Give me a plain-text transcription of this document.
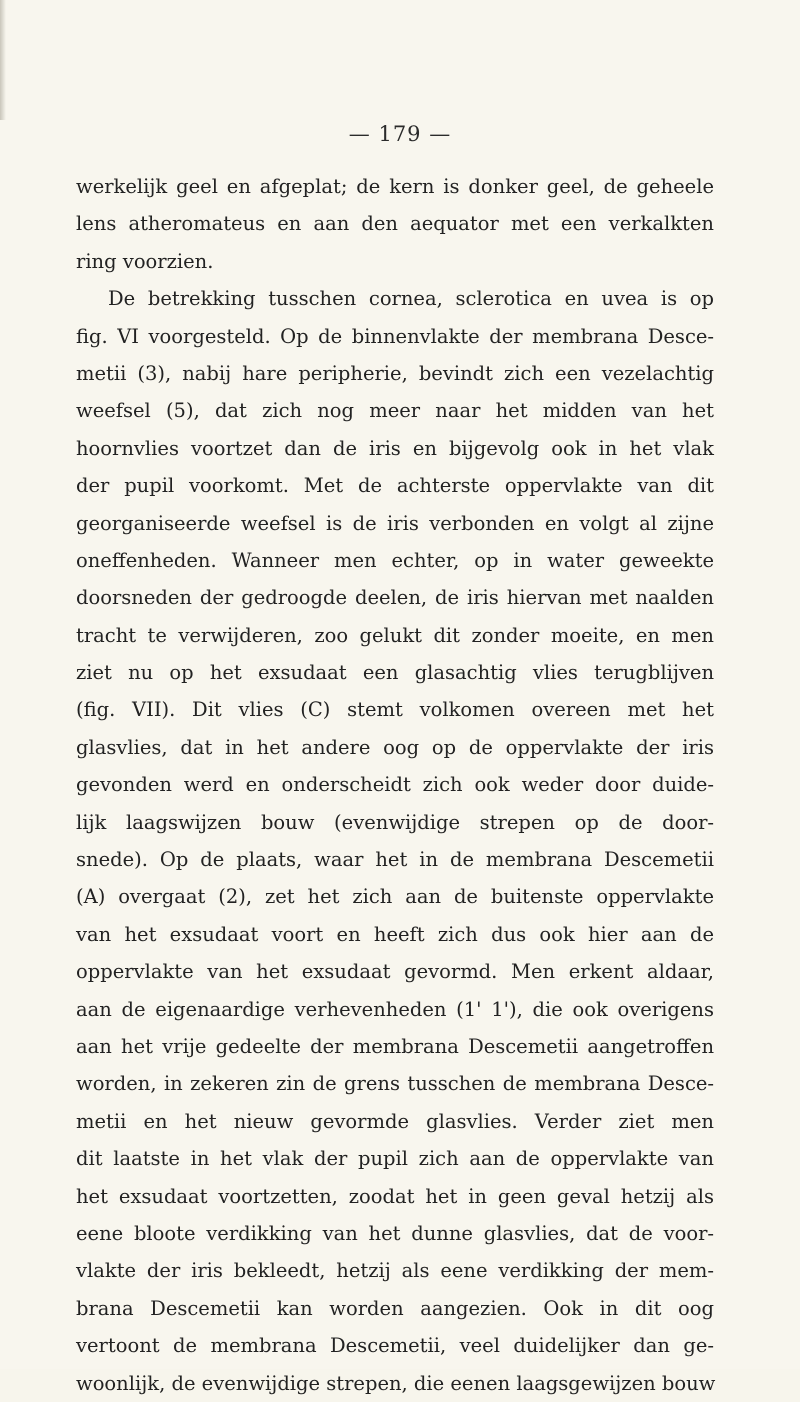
— 179 —
werkelijk geel en afgeplat; de kern is donker geel, de geheele
lens atheromateus en aan den aequator met een verkalkten
ring voorzien.
De betrekking tusschen cornea, sclerotica en uvea is op
fig. VI voorgesteld. Op de binnenvlakte der membrana Desce-
metii (3), nabij hare peripherie, bevindt zich een vezelachtig
weefsel (5), dat zich nog meer naar het midden van het
hoornvlies voortzet dan de iris en bijgevolg ook in het vlak
der pupil voorkomt. Met de achterste oppervlakte van dit
georganiseerde weefsel is de iris verbonden en volgt al zijne
oneffenheden. Wanneer men echter, op in water geweekte
doorsneden der gedroogde deelen, de iris hiervan met naalden
tracht te verwijderen, zoo gelukt dit zonder moeite, en men
ziet nu op het exsudaat een glasachtig vlies terugblijven
(fig. VII). Dit vlies (C) stemt volkomen overeen met het
glasvlies, dat in het andere oog op de oppervlakte der iris
gevonden werd en onderscheidt zich ook weder door duide-
lijk laagswijzen bouw (evenwijdige strepen op de door-
snede). Op de plaats, waar het in de membrana Descemetii
(A) overgaat (2), zet het zich aan de buitenste oppervlakte
van het exsudaat voort en heeft zich dus ook hier aan de
oppervlakte van het exsudaat gevormd. Men erkent aldaar,
aan de eigenaardige verhevenheden (1' 1'), die ook overigens
aan het vrije gedeelte der membrana Descemetii aangetroffen
worden, in zekeren zin de grens tusschen de membrana Desce-
metii en het nieuw gevormde glasvlies. Verder ziet men
dit laatste in het vlak der pupil zich aan de oppervlakte van
het exsudaat voortzetten, zoodat het in geen geval hetzij als
eene bloote verdikking van het dunne glasvlies, dat de voor-
vlakte der iris bekleedt, hetzij als eene verdikking der mem-
brana Descemetii kan worden aangezien. Ook in dit oog
vertoont de membrana Descemetii, veel duidelijker dan ge-
woonlijk, de evenwijdige strepen, die eenen laagsgewijzen bouw
